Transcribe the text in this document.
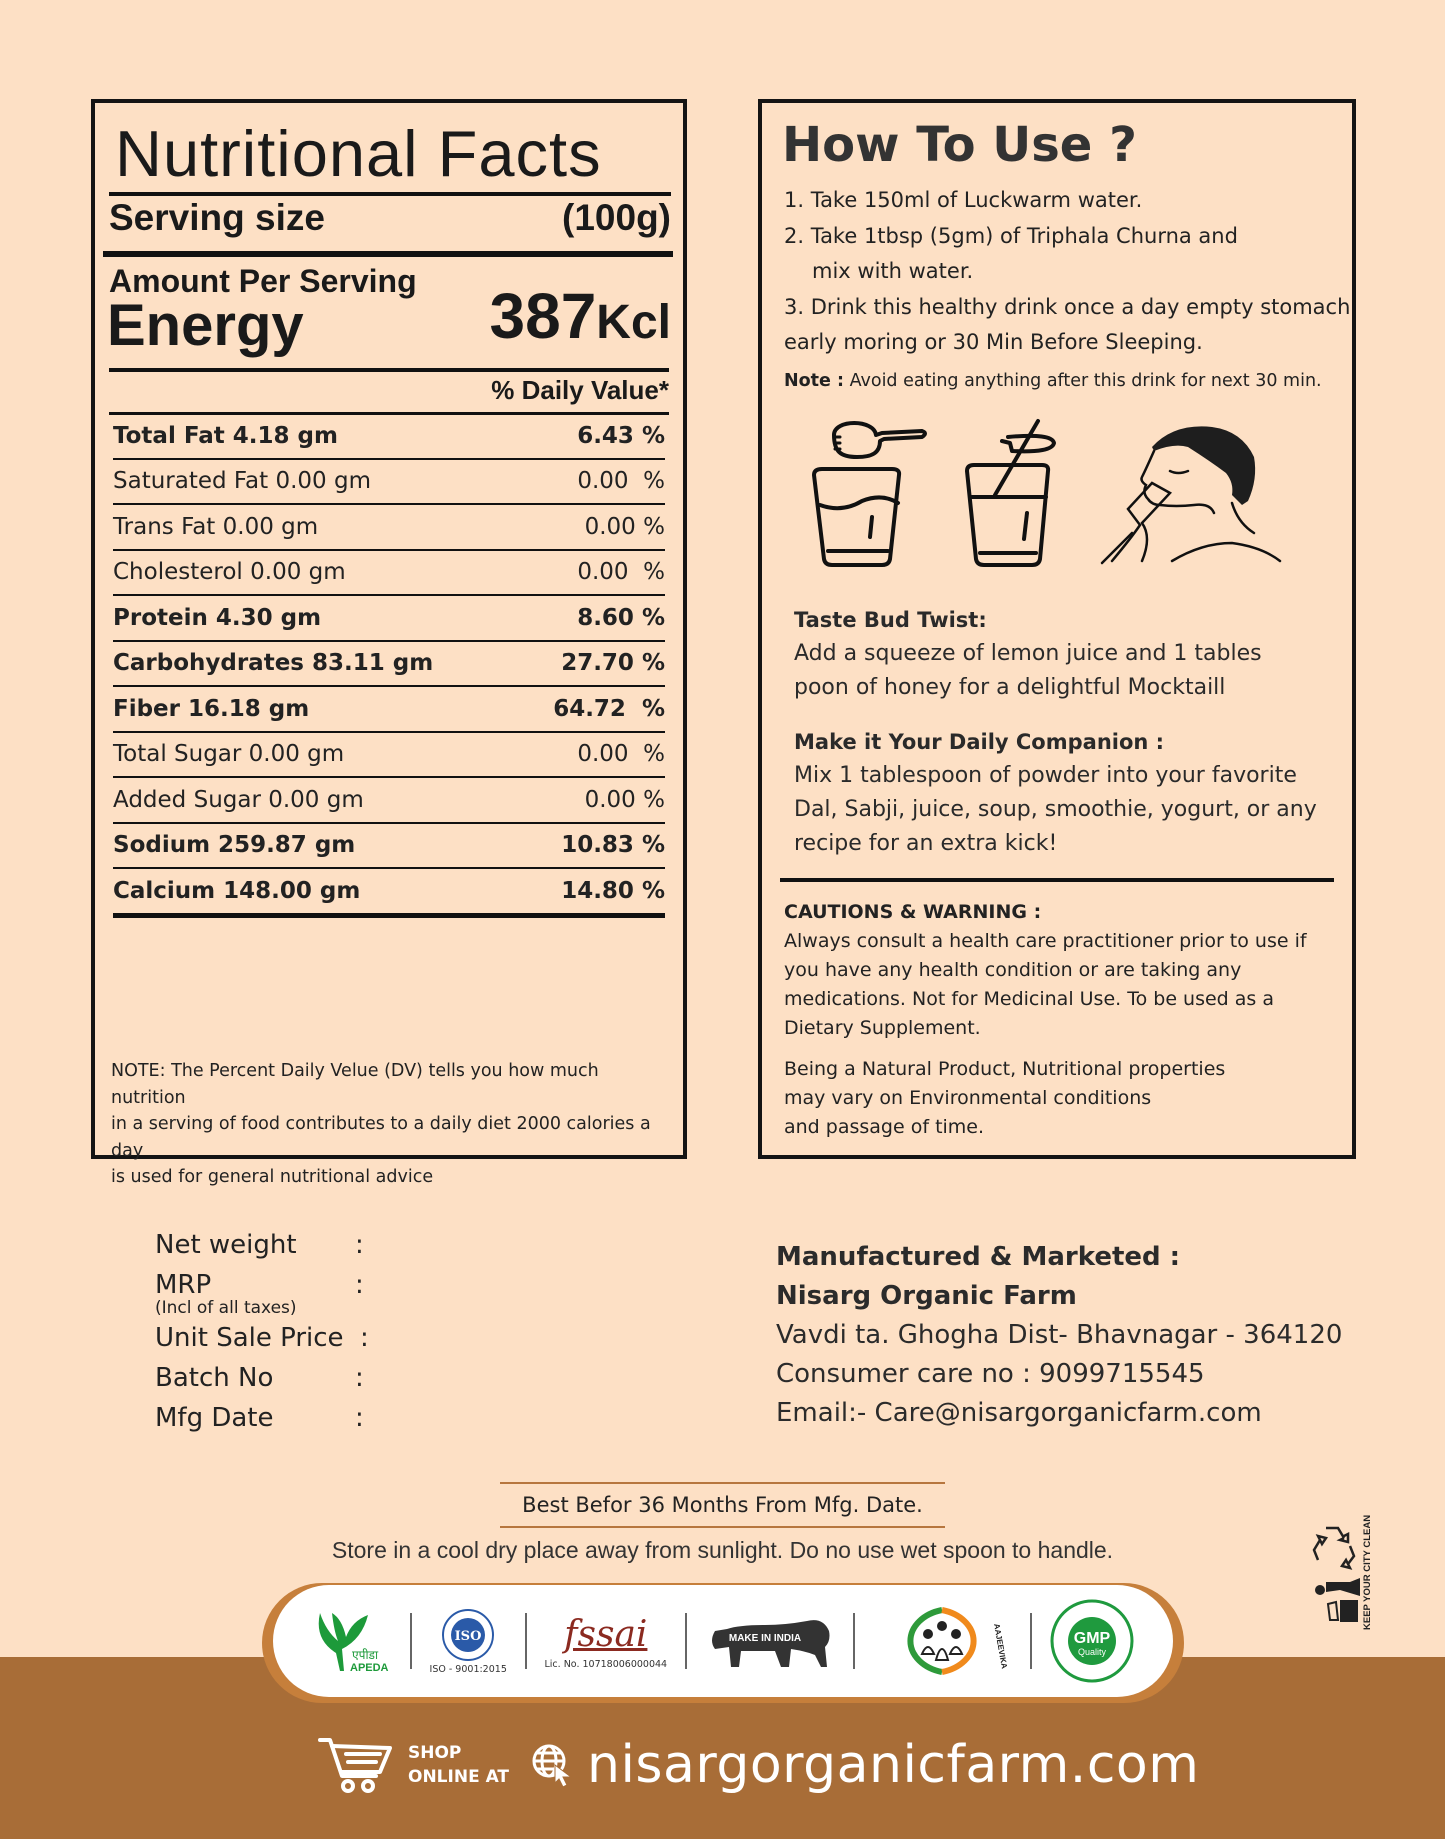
Nutritional Facts
Serving size	(100g)
Amount Per Serving
Energy	387Kcl
% Daily Value*
Total Fat 4.18 gm	6.43 %
Saturated Fat 0.00 gm	0.00  %
Trans Fat 0.00 gm	0.00 %
Cholesterol 0.00 gm	0.00  %
Protein 4.30 gm	8.60 %
Carbohydrates 83.11 gm	27.70 %
Fiber 16.18 gm	64.72  %
Total Sugar 0.00 gm	0.00  %
Added Sugar 0.00 gm	0.00 %
Sodium 259.87 gm	10.83 %
Calcium 148.00 gm	14.80 %
NOTE: The Percent Daily Velue (DV) tells you how much nutrition
in a serving of food contributes to a daily diet 2000 calories a day
is used for general nutritional advice
How To Use ?
1. Take 150ml of Luckwarm water.
2. Take 1tbsp (5gm) of Triphala Churna and
mix with water.
3. Drink this healthy drink once a day empty stomach
early moring or 30 Min Before Sleeping.
Note : Avoid eating anything after this drink for next 30 min.
Taste Bud Twist:
Add a squeeze of lemon juice and 1 tables
poon of honey for a delightful Mocktaill
Make it Your Daily Companion :
Mix 1 tablespoon of powder into your favorite
Dal, Sabji, juice, soup, smoothie, yogurt, or any
recipe for an extra kick!
CAUTIONS & WARNING :

Always consult a health care practitioner prior to use if

you have any health condition or are taking any

medications. Not for Medicinal Use. To be used as a

Dietary Supplement.

Being a Natural Product, Nutritional properties

may vary on Environmental conditions

and passage of time.

Net weight :
MRP
(Incl of all taxes)
:
Unit Sale Price :
Batch No	:
Mfg Date	:
Manufactured & Marketed :
Nisarg Organic Farm
Vavdi ta. Ghogha Dist- Bhavnagar - 364120
Consumer care no : 9099715545
Email:- Care@nisargorganicfarm.com
Best Befor 36 Months From Mfg. Date.
Store in a cool dry place away from sunlight. Do no use wet spoon to handle.	KEEP YOUR CITY CLEAN
एपीडा
APEDA
ISO
ISO - 9001:2015
fssai
Lic. No. 10718006000044
MAKE IN INDIA	AAJEEVIKA	GMP
Quality
SHOP
ONLINE AT nisargorganicfarm.com
